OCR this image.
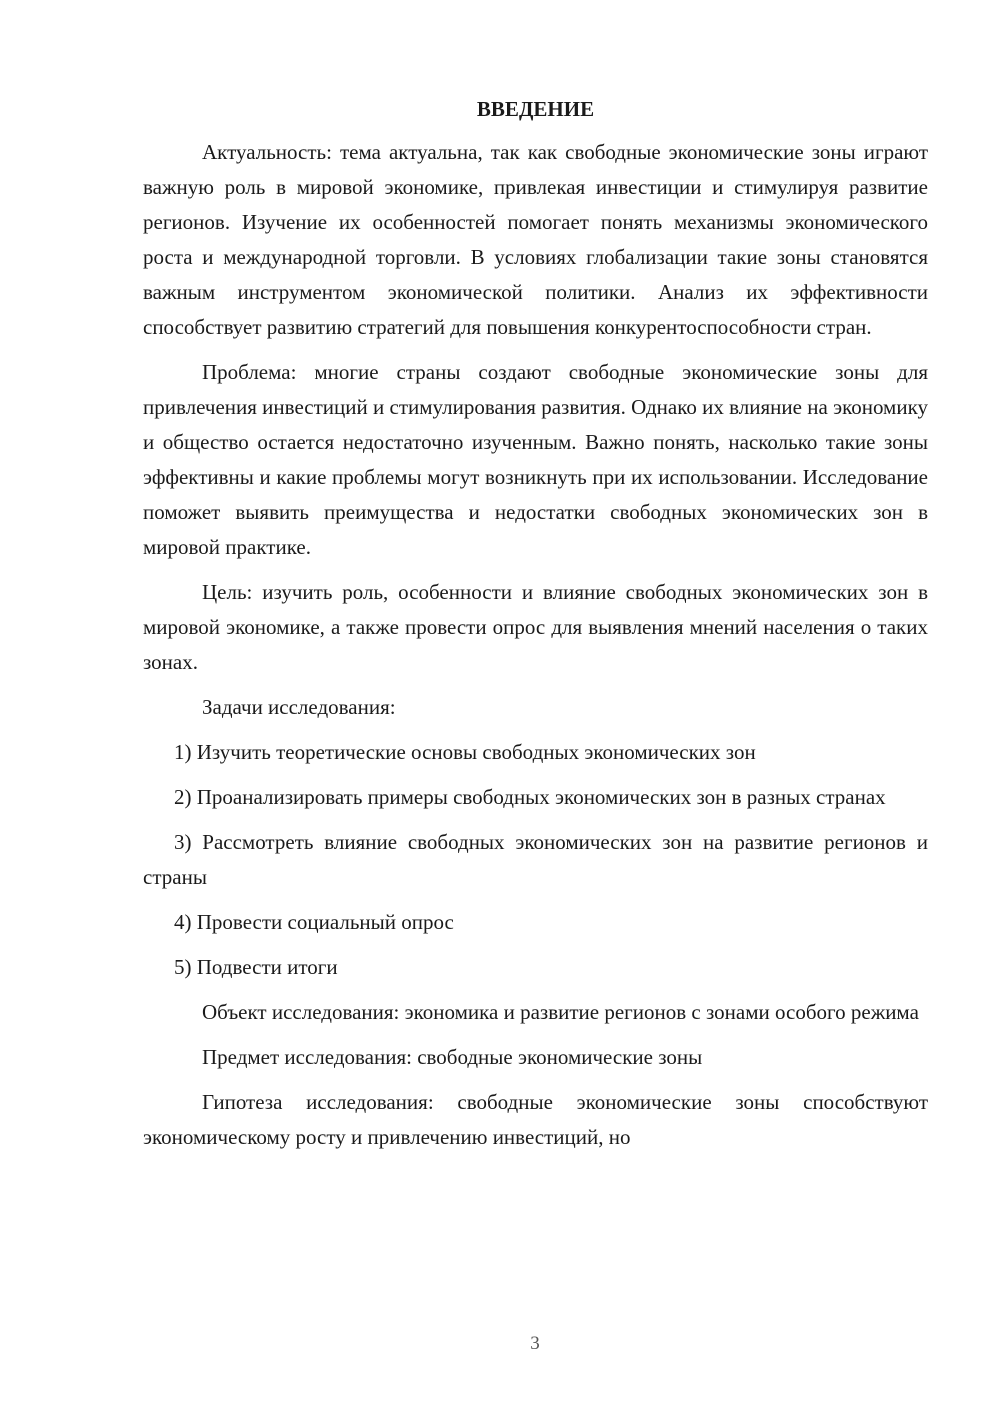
ВВЕДЕНИЕ

Актуальность: тема актуальна, так как свободные экономические зоны играют важную роль в мировой экономике, привлекая инвестиции и стимулируя развитие регионов. Изучение их особенностей помогает понять механизмы экономического роста и международной торговли. В условиях глобализации такие зоны становятся важным инструментом экономической политики. Анализ их эффективности способствует развитию стратегий для повышения конкурентоспособности стран.

Проблема: многие страны создают свободные экономические зоны для привлечения инвестиций и стимулирования развития. Однако их влияние на экономику и общество остается недостаточно изученным. Важно понять, насколько такие зоны эффективны и какие проблемы могут возникнуть при их использовании. Исследование поможет выявить преимущества и недостатки свободных экономических зон в мировой практике.

Цель: изучить роль, особенности и влияние свободных экономических зон в мировой экономике, а также провести опрос для выявления мнений населения о таких зонах.

Задачи исследования:

1) Изучить теоретические основы свободных экономических зон

2) Проанализировать примеры свободных экономических зон в разных странах

3) Рассмотреть влияние свободных экономических зон на развитие регионов и страны

4) Провести социальный опрос

5) Подвести итоги

Объект исследования: экономика и развитие регионов с зонами особого режима

Предмет исследования: свободные экономические зоны

Гипотеза исследования: свободные экономические зоны способствуют экономическому росту и привлечению инвестиций, но

3
